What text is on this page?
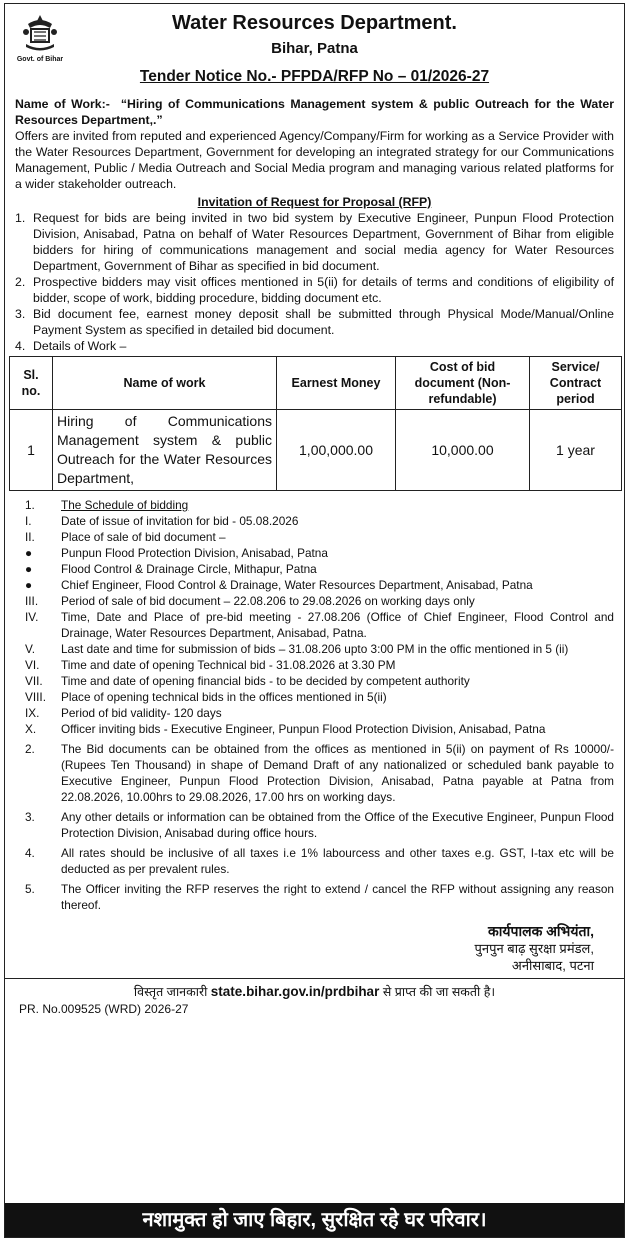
Govt. of Bihar
Water Resources Department.
Bihar, Patna
Tender Notice No.- PFPDA/RFP No – 01/2026-27
Name of Work:- “Hiring of Communications Management system & public Outreach for the Water Resources Department,.”
Offers are invited from reputed and experienced Agency/Company/Firm for working as a Service Provider with the Water Resources Department, Government for developing an integrated strategy for our Communications Management, Public / Media Outreach and Social Media program and managing various related platforms for a wider stakeholder outreach.
Invitation of Request for Proposal (RFP)
1. Request for bids are being invited in two bid system by Executive Engineer, Punpun Flood Protection Division, Anisabad, Patna on behalf of Water Resources Department, Government of Bihar from eligible bidders for hiring of communications management and social media agency for Water Resources Department, Government of Bihar as specified in bid document.
2. Prospective bidders may visit offices mentioned in 5(ii) for details of terms and conditions of eligibility of bidder, scope of work, bidding procedure, bidding document etc.
3. Bid document fee, earnest money deposit shall be submitted through Physical Mode/Manual/Online Payment System as specified in detailed bid document.
4. Details of Work –
Sl. no.	Name of work	Earnest Money	Cost of bid document (Non-refundable)	Service/ Contract period
1	Hiring of Communications Management system & public Outreach for the Water Resources Department,	1,00,000.00	10,000.00	1 year
1.	The Schedule of bidding
I.	Date of issue of invitation for bid - 05.08.2026
II.	Place of sale of bid document –
●	Punpun Flood Protection Division, Anisabad, Patna
●	Flood Control & Drainage Circle, Mithapur, Patna
●	Chief Engineer, Flood Control & Drainage, Water Resources Department, Anisabad, Patna
III.	Period of sale of bid document – 22.08.206 to 29.08.2026 on working days only
IV.	Time, Date and Place of pre-bid meeting - 27.08.206 (Office of Chief Engineer, Flood Control and Drainage, Water Resources Department, Anisabad, Patna.
V.	Last date and time for submission of bids – 31.08.206 upto 3:00 PM in the offic mentioned in 5 (ii)
VI.	Time and date of opening Technical bid - 31.08.2026 at 3.30 PM
VII.	Time and date of opening financial bids - to be decided by competent authority
VIII.	Place of opening technical bids in the offices mentioned in 5(ii)
IX.	Period of bid validity- 120 days
X.	Officer inviting bids - Executive Engineer, Punpun Flood Protection Division, Anisabad, Patna
2.	The Bid documents can be obtained from the offices as mentioned in 5(ii) on payment of Rs 10000/- (Rupees Ten Thousand) in shape of Demand Draft of any nationalized or scheduled bank payable to Executive Engineer, Punpun Flood Protection Division, Anisabad, Patna payable at Patna from 22.08.2026, 10.00hrs to 29.08.2026, 17.00 hrs on working days.
3.	Any other details or information can be obtained from the Office of the Executive Engineer, Punpun Flood Protection Division, Anisabad during office hours.
4.	All rates should be inclusive of all taxes i.e 1% labourcess and other taxes e.g. GST, I-tax etc will be deducted as per prevalent rules.
5.	The Officer inviting the RFP reserves the right to extend / cancel the RFP without assigning any reason thereof.
कार्यपालक अभियंता,
पुनपुन बाढ़ सुरक्षा प्रमंडल,
अनीसाबाद, पटना
विस्तृत जानकारी state.bihar.gov.in/prdbihar से प्राप्त की जा सकती है।
PR. No.009525 (WRD) 2026-27
नशामुक्त हो जाए बिहार, सुरक्षित रहे घर परिवार।
